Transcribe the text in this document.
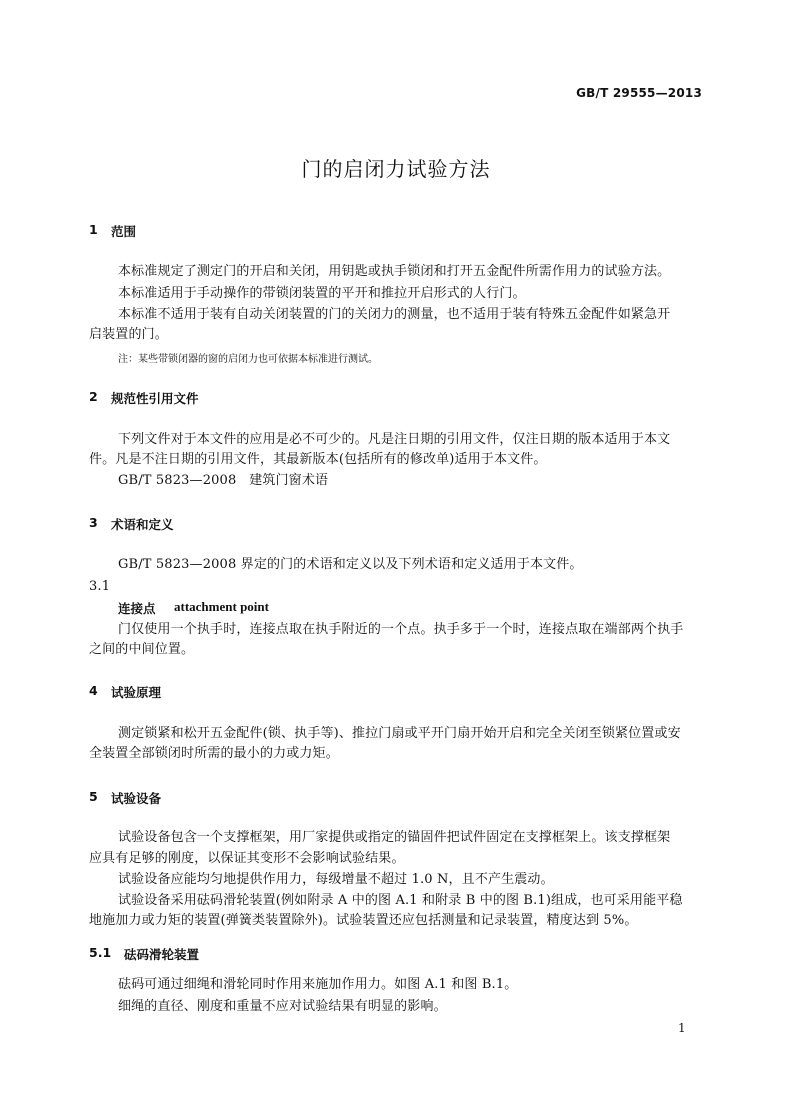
GB/T 29555—2013
门的启闭力试验方法
1 范围
本标准规定了测定门的开启和关闭，用钥匙或执手锁闭和打开五金配件所需作用力的试验方法。
本标准适用于手动操作的带锁闭装置的平开和推拉开启形式的人行门。
本标准不适用于装有自动关闭装置的门的关闭力的测量，也不适用于装有特殊五金配件如紧急开
启装置的门。
注：某些带锁闭器的窗的启闭力也可依据本标准进行测试。
2 规范性引用文件
下列文件对于本文件的应用是必不可少的。凡是注日期的引用文件，仅注日期的版本适用于本文
件。凡是不注日期的引用文件，其最新版本(包括所有的修改单)适用于本文件。
GB/T 5823—2008   建筑门窗术语
3 术语和定义
GB/T 5823—2008 界定的门的术语和定义以及下列术语和定义适用于本文件。
3.1
连接点 attachment point
门仅使用一个执手时，连接点取在执手附近的一个点。执手多于一个时，连接点取在端部两个执手
之间的中间位置。
4 试验原理
测定锁紧和松开五金配件(锁、执手等)、推拉门扇或平开门扇开始开启和完全关闭至锁紧位置或安
全装置全部锁闭时所需的最小的力或力矩。
5 试验设备
试验设备包含一个支撑框架，用厂家提供或指定的锚固件把试件固定在支撑框架上。该支撑框架
应具有足够的刚度，以保证其变形不会影响试验结果。
试验设备应能均匀地提供作用力，每级增量不超过 1.0 N，且不产生震动。
试验设备采用砝码滑轮装置(例如附录 A 中的图 A.1 和附录 B 中的图 B.1)组成，也可采用能平稳
地施加力或力矩的装置(弹簧类装置除外)。试验装置还应包括测量和记录装置，精度达到 5%。
5.1 砝码滑轮装置
砝码可通过细绳和滑轮同时作用来施加作用力。如图 A.1 和图 B.1。
细绳的直径、刚度和重量不应对试验结果有明显的影响。
1
